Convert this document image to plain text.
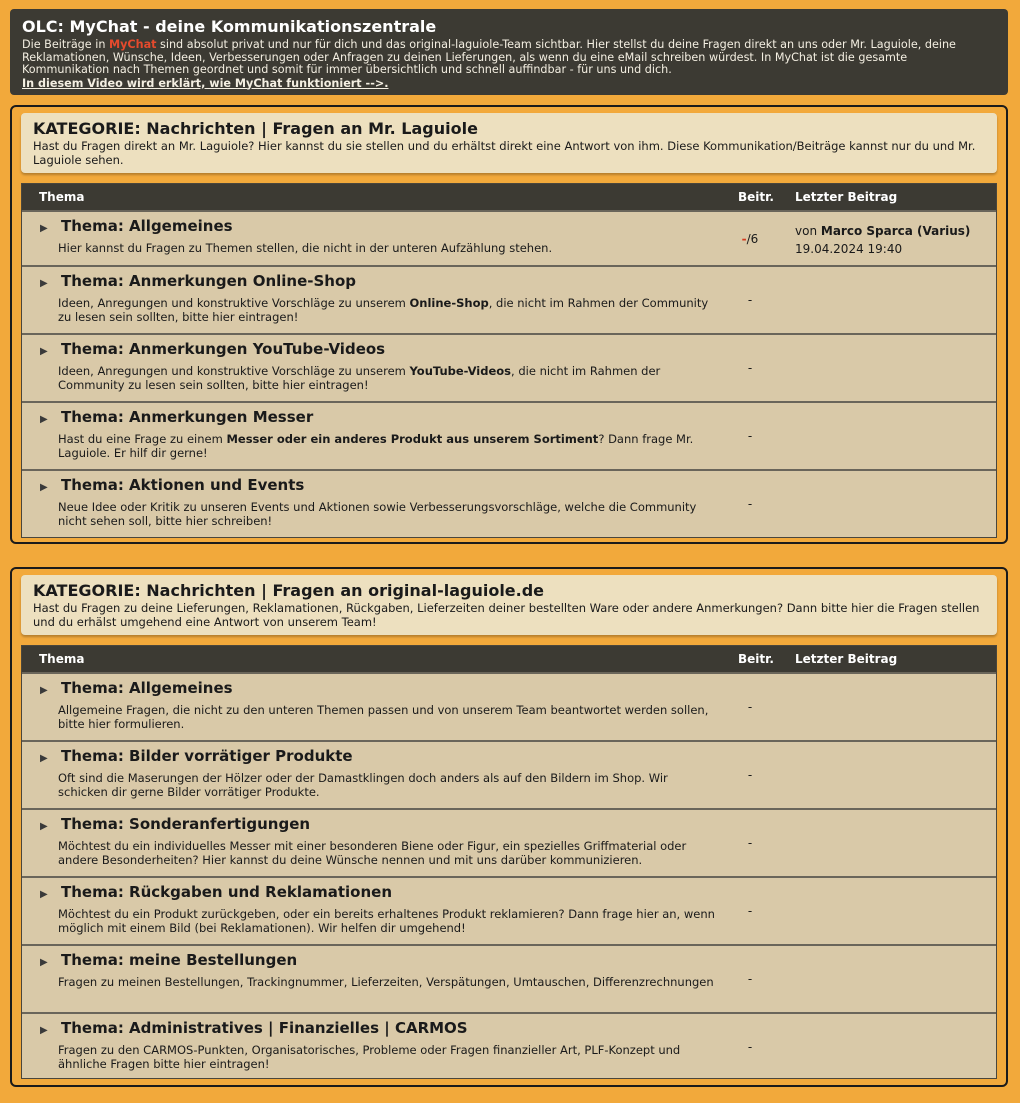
OLC: MyChat - deine Kommunikationszentrale
Die Beiträge in MyChat sind absolut privat und nur für dich und das original-laguiole-Team sichtbar. Hier stellst du deine Fragen direkt an uns oder Mr. Laguiole, deine Reklamationen, Wünsche, Ideen, Verbesserungen oder Anfragen zu deinen Lieferungen, als wenn du eine eMail schreiben würdest. In MyChat ist die gesamte Kommunikation nach Themen geordnet und somit für immer übersichtlich und schnell auffindbar - für uns und dich.
In diesem Video wird erklärt, wie MyChat funktioniert -->.
KATEGORIE: Nachrichten | Fragen an Mr. Laguiole
Hast du Fragen direkt an Mr. Laguiole? Hier kannst du sie stellen und du erhältst direkt eine Antwort von ihm. Diese Kommunikation/Beiträge kannst nur du und Mr. Laguiole sehen.
Thema	Beitr. Letzter Beitrag
▶ Thema: Allgemeines
Hier kannst du Fragen zu Themen stellen, die nicht in der unteren Aufzählung stehen.
-/6
von Marco Sparca (Varius)
19.04.2024 19:40
▶ Thema: Anmerkungen Online-Shop
Ideen, Anregungen und konstruktive Vorschläge zu unserem Online-Shop, die nicht im Rahmen der Community zu lesen sein sollten, bitte hier eintragen!
-
▶ Thema: Anmerkungen YouTube-Videos
Ideen, Anregungen und konstruktive Vorschläge zu unserem YouTube-Videos, die nicht im Rahmen der Community zu lesen sein sollten, bitte hier eintragen!
-
▶ Thema: Anmerkungen Messer
Hast du eine Frage zu einem Messer oder ein anderes Produkt aus unserem Sortiment? Dann frage Mr. Laguiole. Er hilf dir gerne!
-
▶ Thema: Aktionen und Events
Neue Idee oder Kritik zu unseren Events und Aktionen sowie Verbesserungsvorschläge, welche die Community nicht sehen soll, bitte hier schreiben!
-
KATEGORIE: Nachrichten | Fragen an original-laguiole.de
Hast du Fragen zu deine Lieferungen, Reklamationen, Rückgaben, Lieferzeiten deiner bestellten Ware oder andere Anmerkungen? Dann bitte hier die Fragen stellen und du erhälst umgehend eine Antwort von unserem Team!
Thema	Beitr. Letzter Beitrag
▶ Thema: Allgemeines
Allgemeine Fragen, die nicht zu den unteren Themen passen und von unserem Team beantwortet werden sollen, bitte hier formulieren.
-
▶ Thema: Bilder vorrätiger Produkte
Oft sind die Maserungen der Hölzer oder der Damastklingen doch anders als auf den Bildern im Shop. Wir schicken dir gerne Bilder vorrätiger Produkte.
-
▶ Thema: Sonderanfertigungen
Möchtest du ein individuelles Messer mit einer besonderen Biene oder Figur, ein spezielles Griffmaterial oder andere Besonderheiten? Hier kannst du deine Wünsche nennen und mit uns darüber kommunizieren.
-
▶ Thema: Rückgaben und Reklamationen
Möchtest du ein Produkt zurückgeben, oder ein bereits erhaltenes Produkt reklamieren? Dann frage hier an, wenn möglich mit einem Bild (bei Reklamationen). Wir helfen dir umgehend!
-
▶ Thema: meine Bestellungen
Fragen zu meinen Bestellungen, Trackingnummer, Lieferzeiten, Verspätungen, Umtauschen, Differenzrechnungen	-
▶ Thema: Administratives | Finanzielles | CARMOS
Fragen zu den CARMOS-Punkten, Organisatorisches, Probleme oder Fragen finanzieller Art, PLF-Konzept und ähnliche Fragen bitte hier eintragen!
-
